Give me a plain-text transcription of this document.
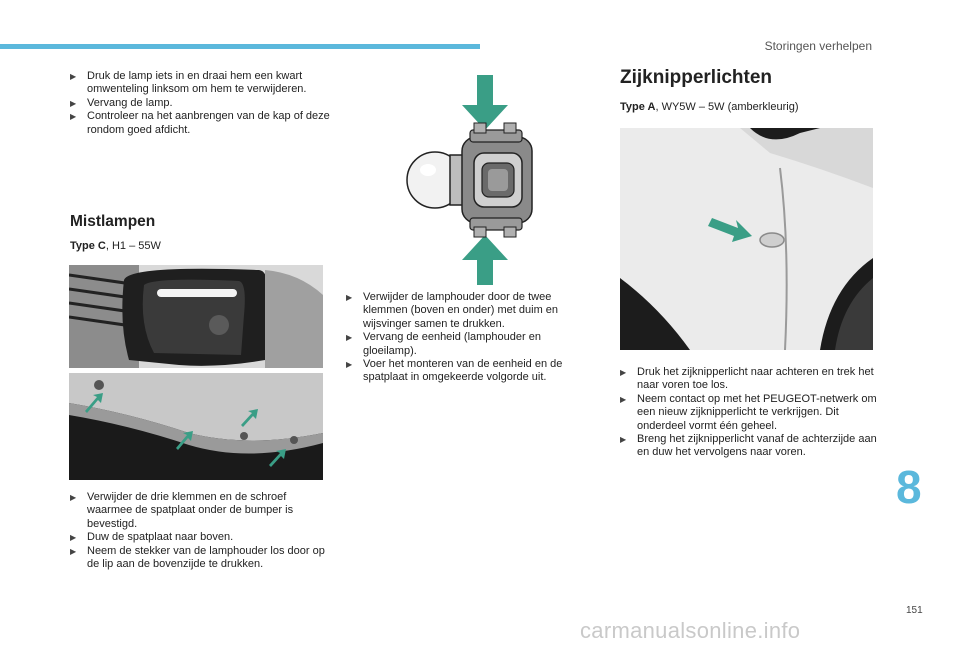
Storingen verhelpen
▶ Druk de lamp iets in en draai hem een kwart omwenteling linksom om hem te verwijderen.
▶ Vervang de lamp.
▶ Controleer na het aanbrengen van de kap of deze rondom goed afdicht.
Mistlampen
Type C, H1 – 55W
▶ Verwijder de drie klemmen en de schroef waarmee de spatplaat onder de bumper is bevestigd.
▶ Duw de spatplaat naar boven.
▶ Neem de stekker van de lamphouder los door op de lip aan de bovenzijde te drukken.
▶ Verwijder de lamphouder door de twee klemmen (boven en onder) met duim en wijsvinger samen te drukken.
▶ Vervang de eenheid (lamphouder en gloeilamp).
▶ Voer het monteren van de eenheid en de spatplaat in omgekeerde volgorde uit.
Zijknipperlichten
Type A, WY5W – 5W (amberkleurig)
▶ Druk het zijknipperlicht naar achteren en trek het naar voren toe los.
▶ Neem contact op met het PEUGEOT-netwerk om een nieuw zijknipperlicht te verkrijgen. Dit onderdeel vormt één geheel.
▶ Breng het zijknipperlicht vanaf de achterzijde aan en duw het vervolgens naar voren.
8
151
carmanualsonline.info
